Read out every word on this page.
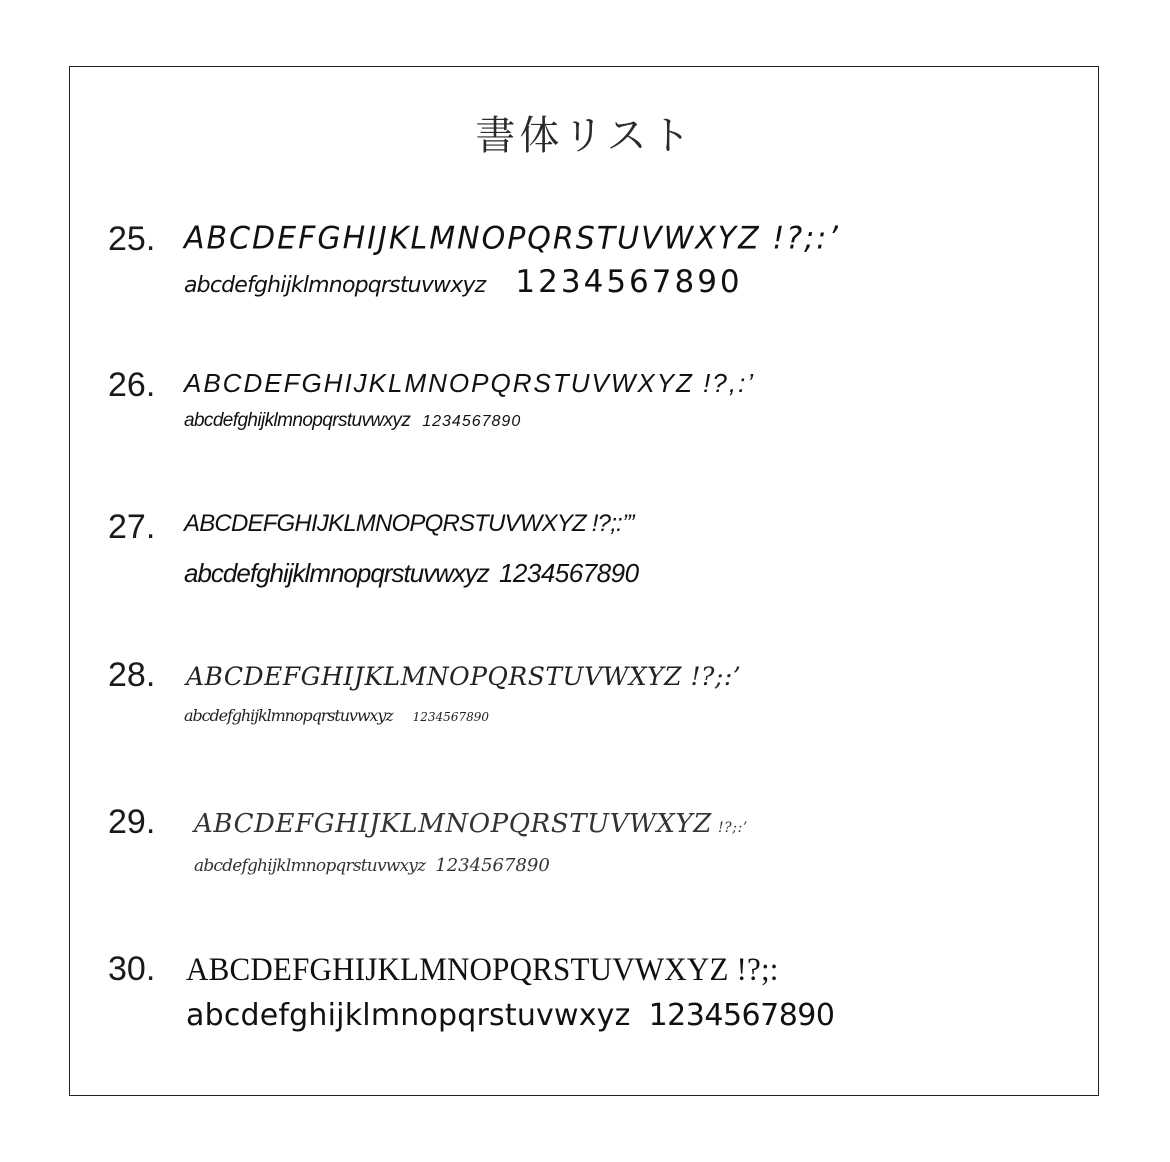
書体リスト
25. ABCDEFGHIJKLMNOPQRSTUVWXYZ !?;:’
abcdefghijklmnopqrstuvwxyz 1234567890
26. ABCDEFGHIJKLMNOPQRSTUVWXYZ !?,:’
abcdefghijklmnopqrstuvwxyz 1234567890
27. ABCDEFGHIJKLMNOPQRSTUVWXYZ !?;:’”
abcdefghijklmnopqrstuvwxyz 1234567890
28. ABCDEFGHIJKLMNOPQRSTUVWXYZ !?;:’
abcdefghijklmnopqrstuvwxyz 1234567890
29. ABCDEFGHIJKLMNOPQRSTUVWXYZ !?;:’
abcdefghijklmnopqrstuvwxyz 1234567890
30. ABCDEFGHIJKLMNOPQRSTUVWXYZ !?;:
abcdefghijklmnopqrstuvwxyz 1234567890
